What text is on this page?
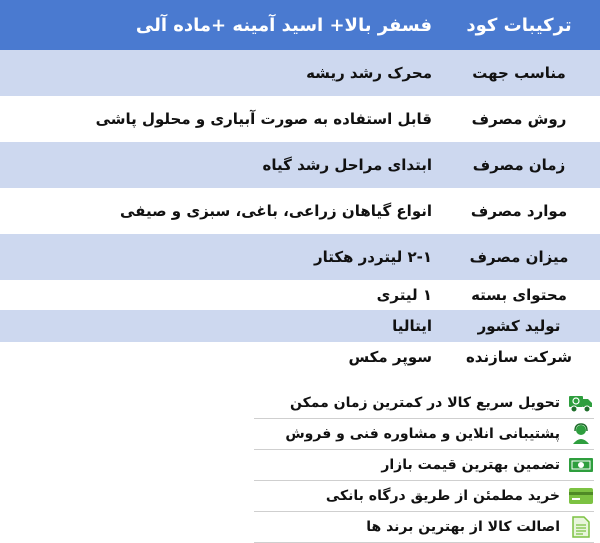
ترکیبات کود	فسفر بالا+ اسید آمینه +ماده آلی
مناسب جهت	محرک رشد ریشه
روش مصرف	قابل استفاده به صورت آبیاری و محلول پاشی
زمان مصرف	ابتدای مراحل رشد گیاه
موارد مصرف	انواع گیاهان زراعی، باغی، سبزی و صیفی
میزان مصرف	۲-۱ لیتردر هکتار
محتوای بسته	۱ لیتری
تولید کشور	ایتالیا
شرکت سازنده	سوپر مکس
تحویل سریع کالا در کمترین زمان ممکن
پشتیبانی انلاین و مشاوره فنی و فروش
تضمین بهترین قیمت بازار
خرید مطمئن از طریق درگاه بانکی
اصالت کالا از بهترین برند ها
